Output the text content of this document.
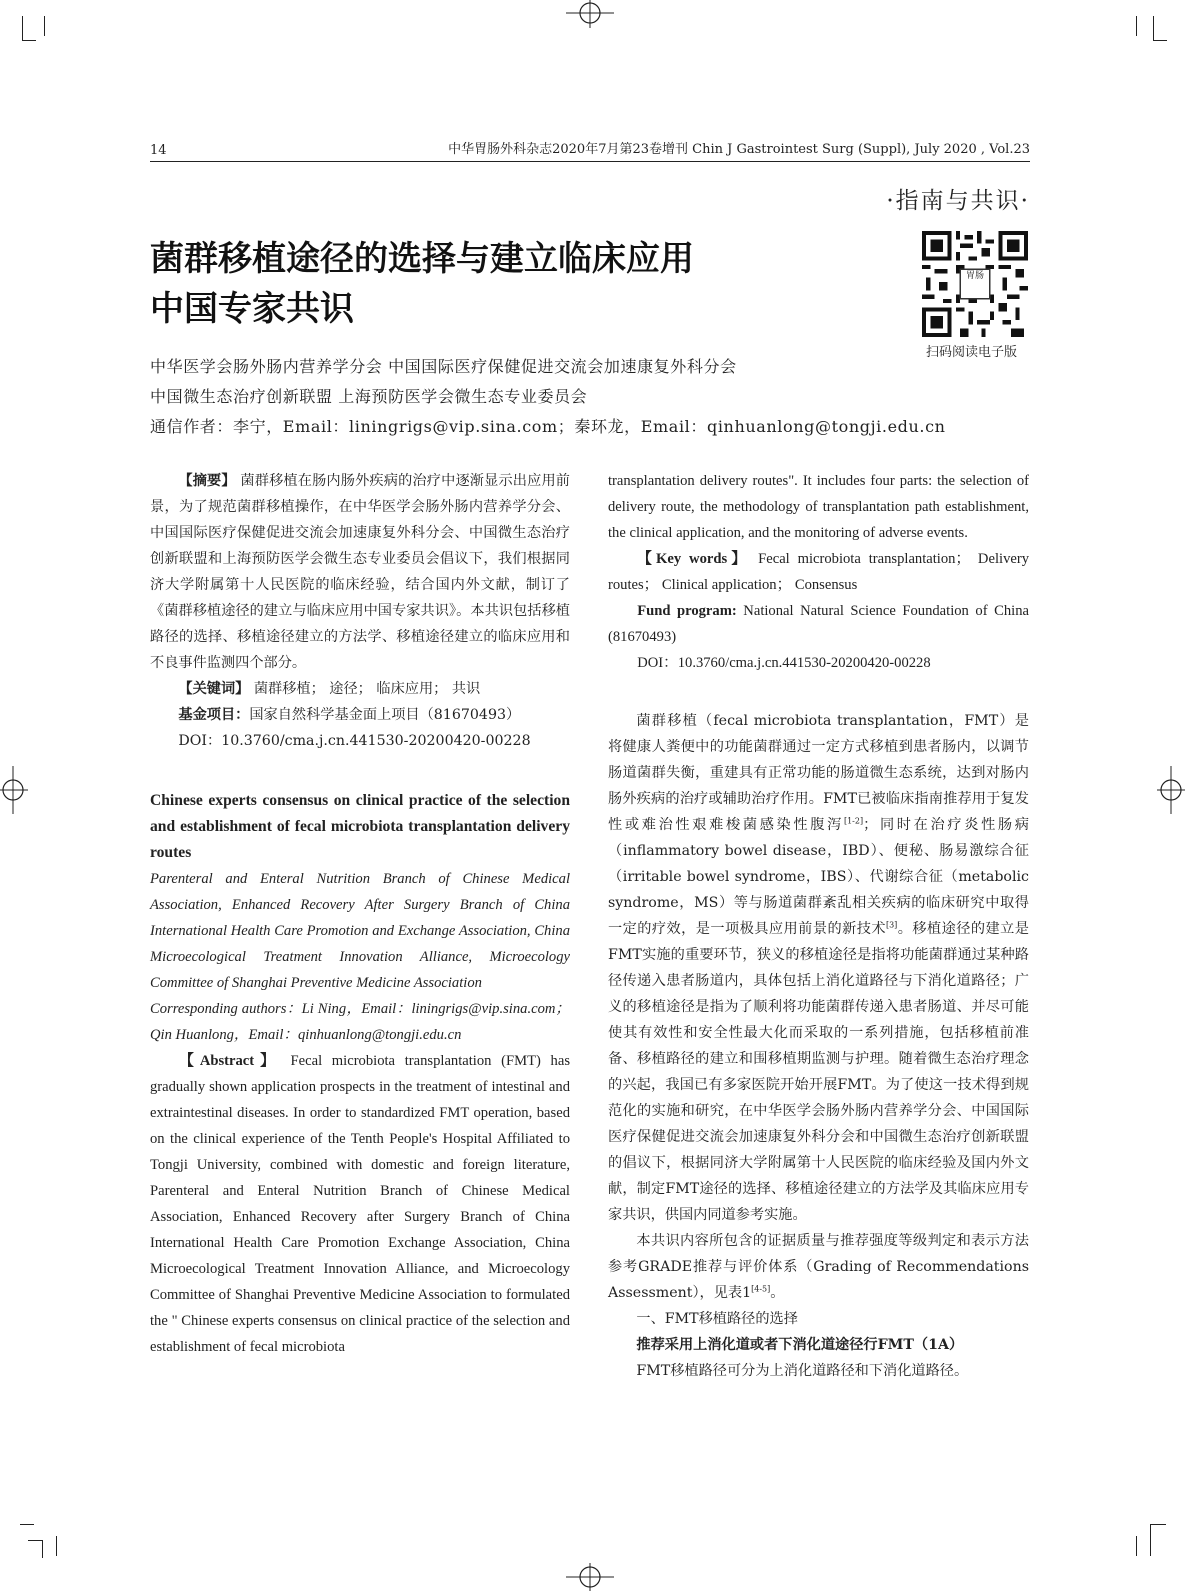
14	中华胃肠外科杂志2020年7月第23卷增刊 Chin J Gastrointest Surg (Suppl), July 2020 , Vol.23
·指南与共识·
菌群移植途径的选择与建立临床应用
中国专家共识
胃肠
扫码阅读电子版
中华医学会肠外肠内营养学分会 中国国际医疗保健促进交流会加速康复外科分会
中国微生态治疗创新联盟 上海预防医学会微生态专业委员会
通信作者：李宁，Email：liningrigs@vip.sina.com；秦环龙，Email：qinhuanlong@tongji.edu.cn

【摘要】 菌群移植在肠内肠外疾病的治疗中逐渐显示出应用前景，为了规范菌群移植操作，在中华医学会肠外肠内营养学分会、中国国际医疗保健促进交流会加速康复外科分会、中国微生态治疗创新联盟和上海预防医学会微生态专业委员会倡议下，我们根据同济大学附属第十人民医院的临床经验，结合国内外文献，制订了《菌群移植途径的建立与临床应用中国专家共识》。本共识包括移植路径的选择、移植途径建立的方法学、移植途径建立的临床应用和不良事件监测四个部分。

【关键词】 菌群移植； 途径； 临床应用； 共识

基金项目：国家自然科学基金面上项目（81670493）

DOI：10.3760/cma.j.cn.441530-20200420-00228

Chinese experts consensus on clinical practice of the selection and establishment of fecal microbiota transplantation delivery routes

Parenteral and Enteral Nutrition Branch of Chinese Medical Association, Enhanced Recovery After Surgery Branch of China International Health Care Promotion and Exchange Association, China Microecological Treatment Innovation Alliance, Microecology Committee of Shanghai Preventive Medicine Association

Corresponding authors：Li Ning，Email：liningrigs@vip.sina.com；Qin Huanlong，Email：qinhuanlong@tongji.edu.cn

【Abstract】 Fecal microbiota transplantation (FMT) has gradually shown application prospects in the treatment of intestinal and extraintestinal diseases. In order to standardized FMT operation, based on the clinical experience of the Tenth People's Hospital Affiliated to Tongji University, combined with domestic and foreign literature, Parenteral and Enteral Nutrition Branch of Chinese Medical Association, Enhanced Recovery after Surgery Branch of China International Health Care Promotion Exchange Association, China Microecological Treatment Innovation Alliance, and Microecology Committee of Shanghai Preventive Medicine Association to formulated the " Chinese experts consensus on clinical practice of the selection and establishment of fecal microbiota

transplantation delivery routes". It includes four parts: the selection of delivery route, the methodology of transplantation path establishment, the clinical application, and the monitoring of adverse events.

【Key words】 Fecal microbiota transplantation； Delivery routes； Clinical application； Consensus

Fund program: National Natural Science Foundation of China (81670493)

DOI：10.3760/cma.j.cn.441530-20200420-00228

菌群移植（fecal microbiota transplantation，FMT）是将健康人粪便中的功能菌群通过一定方式移植到患者肠内，以调节肠道菌群失衡，重建具有正常功能的肠道微生态系统，达到对肠内肠外疾病的治疗或辅助治疗作用。FMT已被临床指南推荐用于复发性或难治性艰难梭菌感染性腹泻[1-2]；同时在治疗炎性肠病（inflammatory bowel disease，IBD）、便秘、肠易激综合征（irritable bowel syndrome，IBS）、代谢综合征（metabolic syndrome，MS）等与肠道菌群紊乱相关疾病的临床研究中取得一定的疗效，是一项极具应用前景的新技术[3]。移植途径的建立是FMT实施的重要环节，狭义的移植途径是指将功能菌群通过某种路径传递入患者肠道内，具体包括上消化道路径与下消化道路径；广义的移植途径是指为了顺利将功能菌群传递入患者肠道、并尽可能使其有效性和安全性最大化而采取的一系列措施，包括移植前准备、移植路径的建立和围移植期监测与护理。随着微生态治疗理念的兴起，我国已有多家医院开始开展FMT。为了使这一技术得到规范化的实施和研究，在中华医学会肠外肠内营养学分会、中国国际医疗保健促进交流会加速康复外科分会和中国微生态治疗创新联盟的倡议下，根据同济大学附属第十人民医院的临床经验及国内外文献，制定FMT途径的选择、移植途径建立的方法学及其临床应用专家共识，供国内同道参考实施。

本共识内容所包含的证据质量与推荐强度等级判定和表示方法参考GRADE推荐与评价体系（Grading of Recommendations Assessment），见表1[4-5]。

一、FMT移植路径的选择

推荐采用上消化道或者下消化道途径行FMT（1A）

FMT移植路径可分为上消化道路径和下消化道路径。
